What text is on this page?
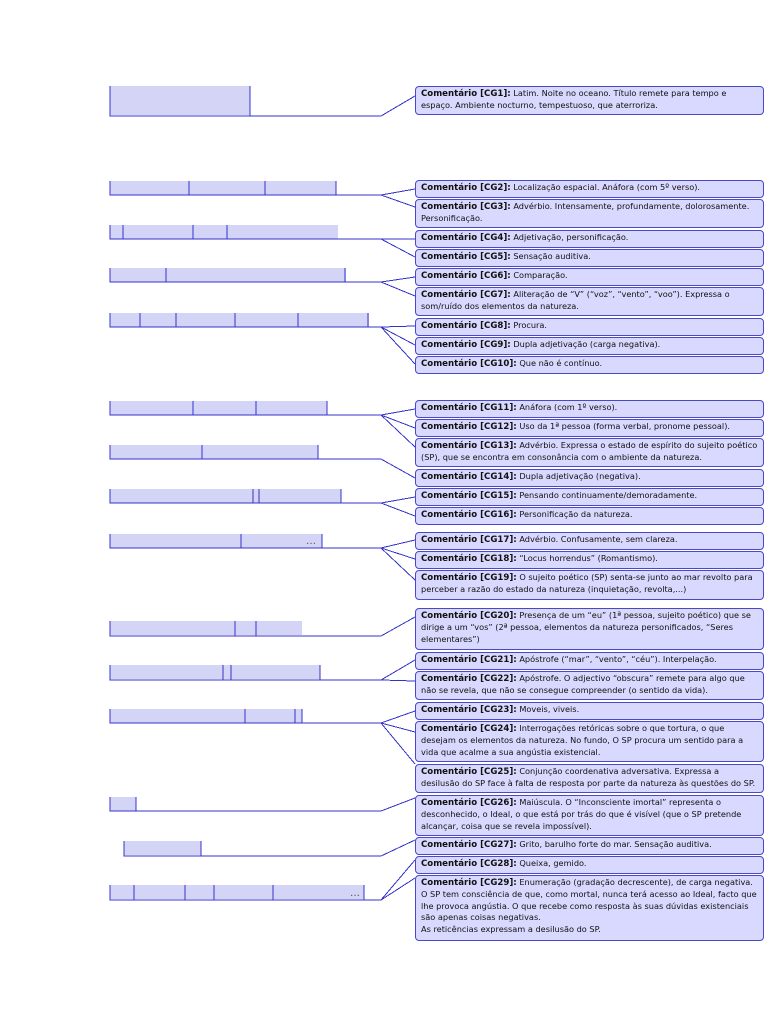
…
…
Comentário [CG1]: Latim. Noite no oceano. Título remete para tempo e espaço. Ambiente nocturno, tempestuoso, que aterroriza.
Comentário [CG2]: Localização espacial. Anáfora (com 5º verso).
Comentário [CG3]: Advérbio. Intensamente, profundamente, dolorosamente. Personificação.
Comentário [CG4]: Adjetivação, personificação.
Comentário [CG5]: Sensação auditiva.
Comentário [CG6]: Comparação.
Comentário [CG7]: Aliteração de “V” (“voz”, “vento”, “voo”). Expressa o som/ruído dos elementos da natureza.
Comentário [CG8]: Procura.
Comentário [CG9]: Dupla adjetivação (carga negativa).
Comentário [CG10]: Que não é contínuo.
Comentário [CG11]: Anáfora (com 1º verso).
Comentário [CG12]: Uso da 1ª pessoa (forma verbal, pronome pessoal).
Comentário [CG13]: Advérbio. Expressa o estado de espírito do sujeito poético (SP), que se encontra em consonância com o ambiente da natureza.
Comentário [CG14]: Dupla adjetivação (negativa).
Comentário [CG15]: Pensando continuamente/demoradamente.
Comentário [CG16]: Personificação da natureza.
Comentário [CG17]: Advérbio. Confusamente, sem clareza.
Comentário [CG18]: “Locus horrendus” (Romantismo).
Comentário [CG19]: O sujeito poético (SP) senta-se junto ao mar revolto para perceber a razão do estado da natureza (inquietação, revolta,...)
Comentário [CG20]: Presença de um “eu” (1ª pessoa, sujeito poético) que se dirige a um “vos” (2ª pessoa, elementos da natureza personificados, “Seres elementares”)
Comentário [CG21]: Apóstrofe (“mar”, “vento”, “céu”). Interpelação.
Comentário [CG22]: Apóstrofe. O adjectivo “obscura” remete para algo que não se revela, que não se consegue compreender (o sentido da vida).
Comentário [CG23]: Moveis, viveis.
Comentário [CG24]: Interrogações retóricas sobre o que tortura, o que desejam os elementos da natureza. No fundo, O SP procura um sentido para a vida que acalme a sua angústia existencial.
Comentário [CG25]: Conjunção coordenativa adversativa. Expressa a desilusão do SP face à falta de resposta por parte da natureza às questões do SP.
Comentário [CG26]: Maiúscula. O “Inconsciente imortal” representa o desconhecido, o Ideal, o que está por trás do que é visível (que o SP pretende alcançar, coisa que se revela impossível).
Comentário [CG27]: Grito, barulho forte do mar. Sensação auditiva.
Comentário [CG28]: Queixa, gemido.
Comentário [CG29]: Enumeração (gradação decrescente), de carga negativa. O SP tem consciência de que, como mortal, nunca terá acesso ao Ideal, facto que lhe provoca angústia. O que recebe como resposta às suas dúvidas existenciais são apenas coisas negativas.
As reticências expressam a desilusão do SP.
